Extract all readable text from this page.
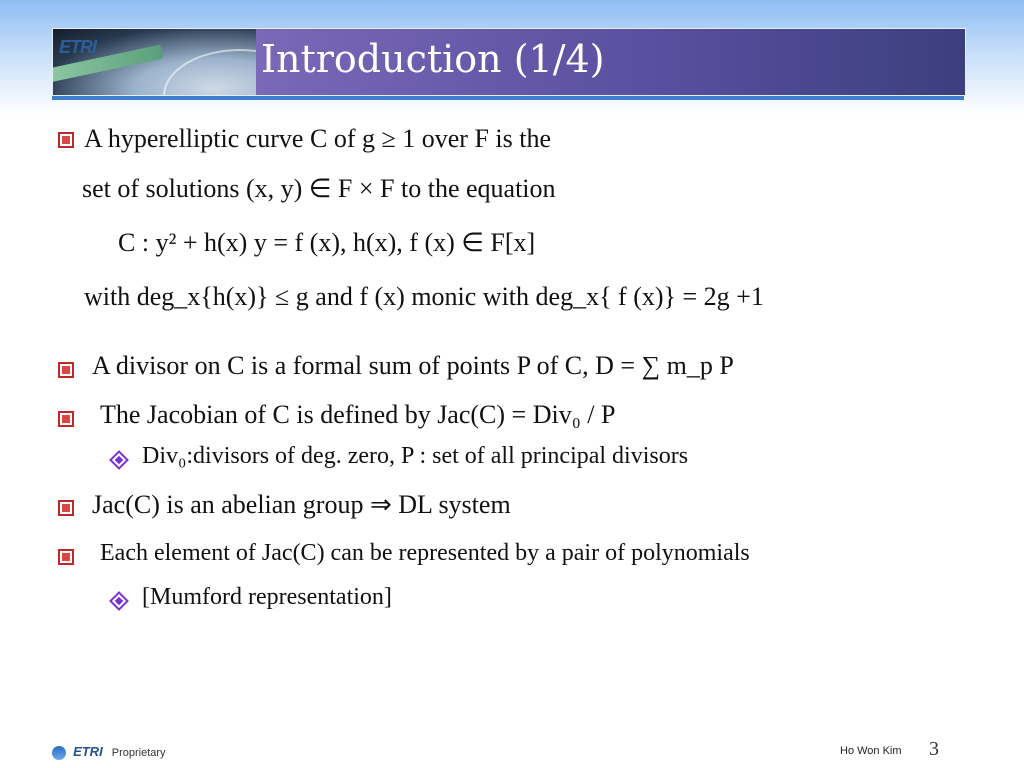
ETRI	Introduction (1/4)
A hyperelliptic curve C of g ≥ 1 over F is the
set of solutions (x, y) ∈ F × F to the equation
C : y² + h(x) y = f (x), h(x), f (x) ∈ F[x]
with deg_x{h(x)} ≤ g and f (x) monic with deg_x{ f (x)} = 2g +1
A divisor on C is a formal sum of points P of C, D = ∑ m_p P
The Jacobian of C is defined by Jac(C) = Div₀ / P
Div₀:divisors of deg. zero, P : set of all principal divisors
Jac(C) is an abelian group ⇒ DL system
Each element of Jac(C) can be represented by a pair of polynomials
[Mumford representation]
ETRI Proprietary	Ho Won Kim 3
